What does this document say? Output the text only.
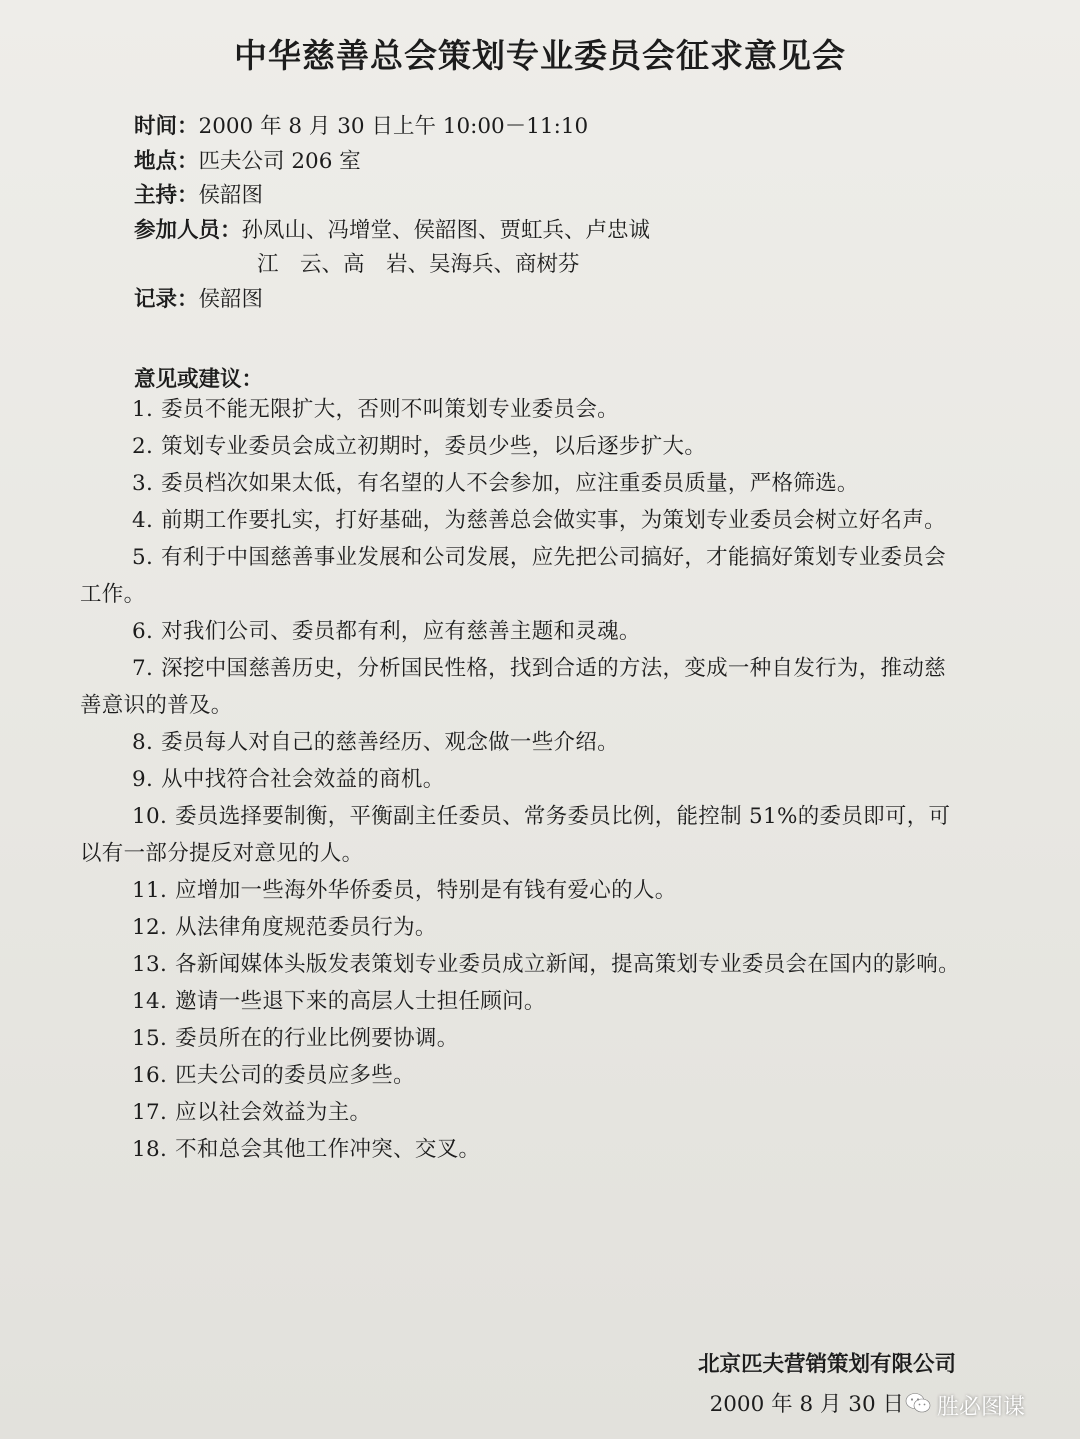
中华慈善总会策划专业委员会征求意见会
时间：2000 年 8 月 30 日上午 10:00－11:10
地点：匹夫公司 206 室
主持：侯韶图
参加人员：孙凤山、冯增堂、侯韶图、贾虹兵、卢忠诚
江　云、高　岩、吴海兵、商树芬
记录：侯韶图
意见或建议：
1. 委员不能无限扩大，否则不叫策划专业委员会。
2. 策划专业委员会成立初期时，委员少些，以后逐步扩大。
3. 委员档次如果太低，有名望的人不会参加，应注重委员质量，严格筛选。
4. 前期工作要扎实，打好基础，为慈善总会做实事，为策划专业委员会树立好名声。
5. 有利于中国慈善事业发展和公司发展，应先把公司搞好，才能搞好策划专业委员会工作。
6. 对我们公司、委员都有利，应有慈善主题和灵魂。
7. 深挖中国慈善历史，分析国民性格，找到合适的方法，变成一种自发行为，推动慈善意识的普及。
8. 委员每人对自己的慈善经历、观念做一些介绍。
9. 从中找符合社会效益的商机。
10. 委员选择要制衡，平衡副主任委员、常务委员比例，能控制 51%的委员即可，可以有一部分提反对意见的人。
11. 应增加一些海外华侨委员，特别是有钱有爱心的人。
12. 从法律角度规范委员行为。
13. 各新闻媒体头版发表策划专业委员成立新闻，提高策划专业委员会在国内的影响。
14. 邀请一些退下来的高层人士担任顾问。
15. 委员所在的行业比例要协调。
16. 匹夫公司的委员应多些。
17. 应以社会效益为主。
18. 不和总会其他工作冲突、交叉。
北京匹夫营销策划有限公司
2000 年 8 月 30 日	胜必图谋
